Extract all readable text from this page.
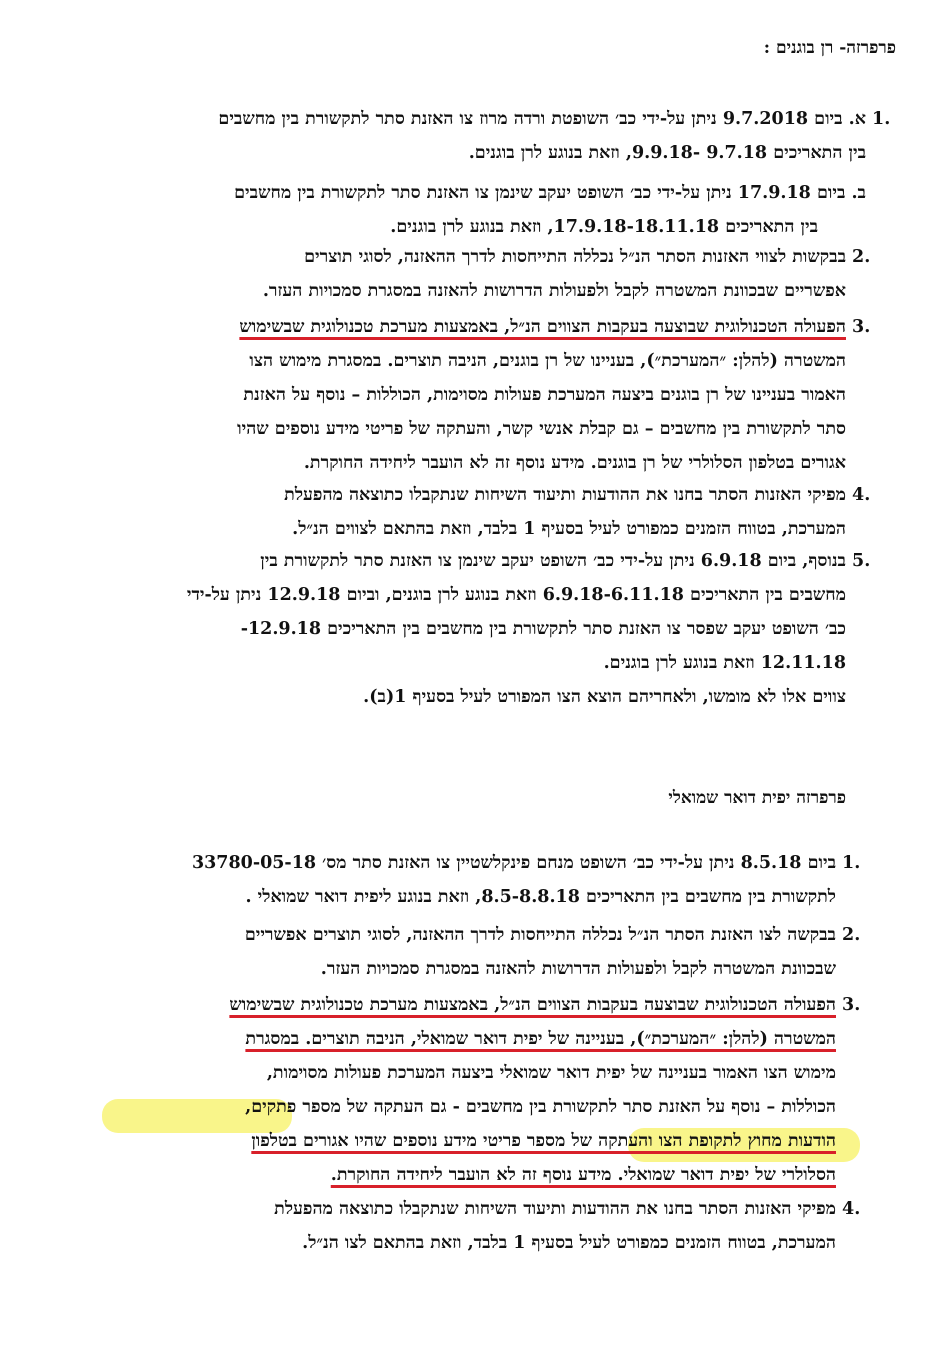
פרפרזה- רן בוגנים :
.1

א. ביום 9.7.2018 ניתן על-ידי כב׳ השופטת ורדה מרוז צו האזנת סתר לתקשורת בין מחשבים

בין התאריכים 9.7.18 -9.9.18, וזאת בנוגע לרן בוגנים.

ב. ביום 17.9.18 ניתן על-ידי כב׳ השופט יעקב שינמן צו האזנת סתר לתקשורת בין מחשבים

בין התאריכים 17.9.18-18.11.18, וזאת בנוגע לרן בוגנים.

.2

בבקשות לצווי האזנות הסתר הנ״ל נכללה התייחסות לדרך ההאזנה, לסוגי תוצרים

אפשריים שבכוונת המשטרה לקבל ולפעולות הדרושות להאזנה במסגרת סמכויות העזר.

.3

הפעולה הטכנולוגית שבוצעה בעקבות הצווים הנ״ל, באמצעות מערכת טכנולוגית שבשימוש

המשטרה (להלן: ״המערכת״), בעניינו של רן בוגנים, הניבה תוצרים. במסגרת מימוש הצו

האמור בעניינו של רן בוגנים ביצעה המערכת פעולות מסוימות, הכוללות – נוסף על האזנת

סתר לתקשורת בין מחשבים – גם קבלת אנשי קשר, והעתקה של פריטי מידע נוספים שהיו

אגורים בטלפון הסלולרי של רן בוגנים. מידע נוסף זה לא הועבר ליחידה החוקרת.

.4

מפיקי האזנות הסתר בחנו את ההודעות ותיעוד השיחות שנתקבלו כתוצאה מהפעלת

המערכת, בטווח הזמנים כמפורט לעיל בסעיף 1 בלבד, וזאת בהתאם לצווים הנ״ל.

.5

בנוסף, ביום 6.9.18 ניתן על-ידי כב׳ השופט יעקב שינמן צו האזנת סתר לתקשורת בין

מחשבים בין התאריכים 6.9.18-6.11.18 וזאת בנוגע לרן בוגנים, וביום 12.9.18 ניתן על-ידי

כב׳ השופט יעקב שפסר צו האזנת סתר לתקשורת בין מחשבים בין התאריכים 12.9.18-

12.11.18 וזאת בנוגע לרן בוגנים.

צווים אלו לא מומשו, ולאחריהם הוצא הצו המפורט לעיל בסעיף 1(ב).

פרפרזה יפית דואר שמואלי
.1

ביום 8.5.18 ניתן על-ידי כב׳ השופט מנחם פינקלשטיין צו האזנת סתר מס׳ 33780-05-18

לתקשורת בין מחשבים בין התאריכים 8.5-8.8.18, וזאת בנוגע ליפית דואר שמואלי .

.2

בבקשה לצו האזנת הסתר הנ״ל נכללה התייחסות לדרך ההאזנה, לסוגי תוצרים אפשריים

שבכוונת המשטרה לקבל ולפעולות הדרושות להאזנה במסגרת סמכויות העזר.

.3

הפעולה הטכנולוגית שבוצעה בעקבות הצווים הנ״ל, באמצעות מערכת טכנולוגית שבשימוש

המשטרה (להלן: ״המערכת״), בעניינה של יפית דואר שמואלי, הניבה תוצרים. במסגרת

מימוש הצו האמור בעניינה של יפית דואר שמואלי ביצעה המערכת פעולות מסוימות,

הכוללות – נוסף על האזנת סתר לתקשורת בין מחשבים - גם העתקה של מספר פתקים,

הודעות מחוץ לתקופת הצו והעתקה של מספר פריטי מידע נוספים שהיו אגורים בטלפון

הסלולרי של יפית דואר שמואלי. מידע נוסף זה לא הועבר ליחידה החוקרת.

.4

מפיקי האזנות הסתר בחנו את ההודעות ותיעוד השיחות שנתקבלו כתוצאה מהפעלת

המערכת, בטווח הזמנים כמפורט לעיל בסעיף 1 בלבד, וזאת בהתאם לצו הנ״ל.
